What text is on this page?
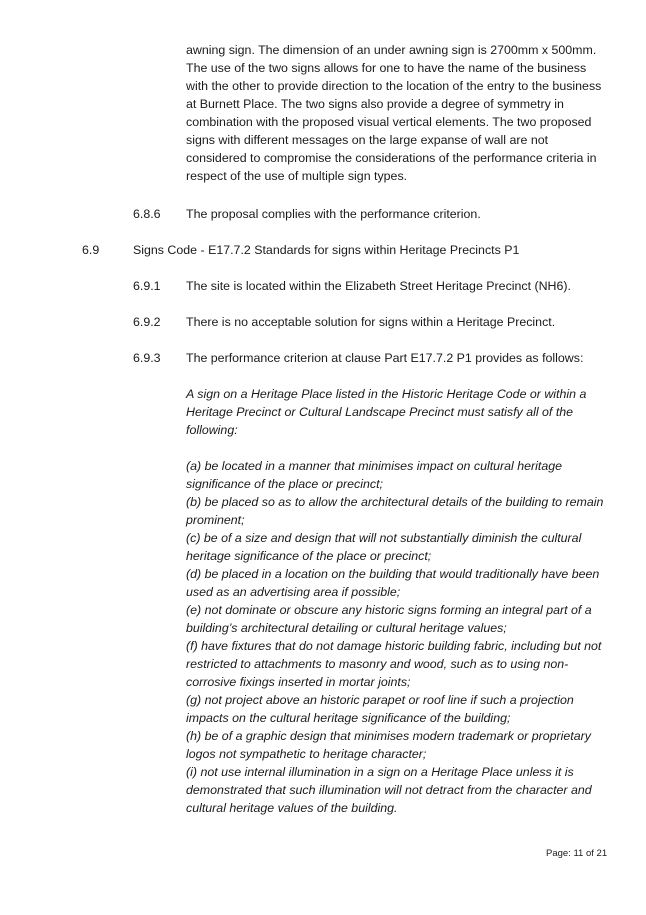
awning sign. The dimension of an under awning sign is 2700mm x 500mm. The use of the two signs allows for one to have the name of the business with the other to provide direction to the location of the entry to the business at Burnett Place. The two signs also provide a degree of symmetry in combination with the proposed visual vertical elements. The two proposed signs with different messages on the large expanse of wall are not considered to compromise the considerations of the performance criteria in respect of the use of multiple sign types.

6.8.6 The proposal complies with the performance criterion.
6.9	Signs Code - E17.7.2 Standards for signs within Heritage Precincts P1
6.9.1 The site is located within the Elizabeth Street Heritage Precinct (NH6).
6.9.2 There is no acceptable solution for signs within a Heritage Precinct.
6.9.3 The performance criterion at clause Part E17.7.2 P1 provides as follows:

A sign on a Heritage Place listed in the Historic Heritage Code or within a Heritage Precinct or Cultural Landscape Precinct must satisfy all of the following:

(a) be located in a manner that minimises impact on cultural heritage significance of the place or precinct;
(b) be placed so as to allow the architectural details of the building to remain prominent;
(c) be of a size and design that will not substantially diminish the cultural heritage significance of the place or precinct;
(d) be placed in a location on the building that would traditionally have been used as an advertising area if possible;
(e) not dominate or obscure any historic signs forming an integral part of a building’s architectural detailing or cultural heritage values;
(f) have fixtures that do not damage historic building fabric, including but not restricted to attachments to masonry and wood, such as to using non-corrosive fixings inserted in mortar joints;
(g) not project above an historic parapet or roof line if such a projection impacts on the cultural heritage significance of the building;
(h) be of a graphic design that minimises modern trademark or proprietary logos not sympathetic to heritage character;
(i) not use internal illumination in a sign on a Heritage Place unless it is demonstrated that such illumination will not detract from the character and cultural heritage values of the building.
Page: 11 of 21
